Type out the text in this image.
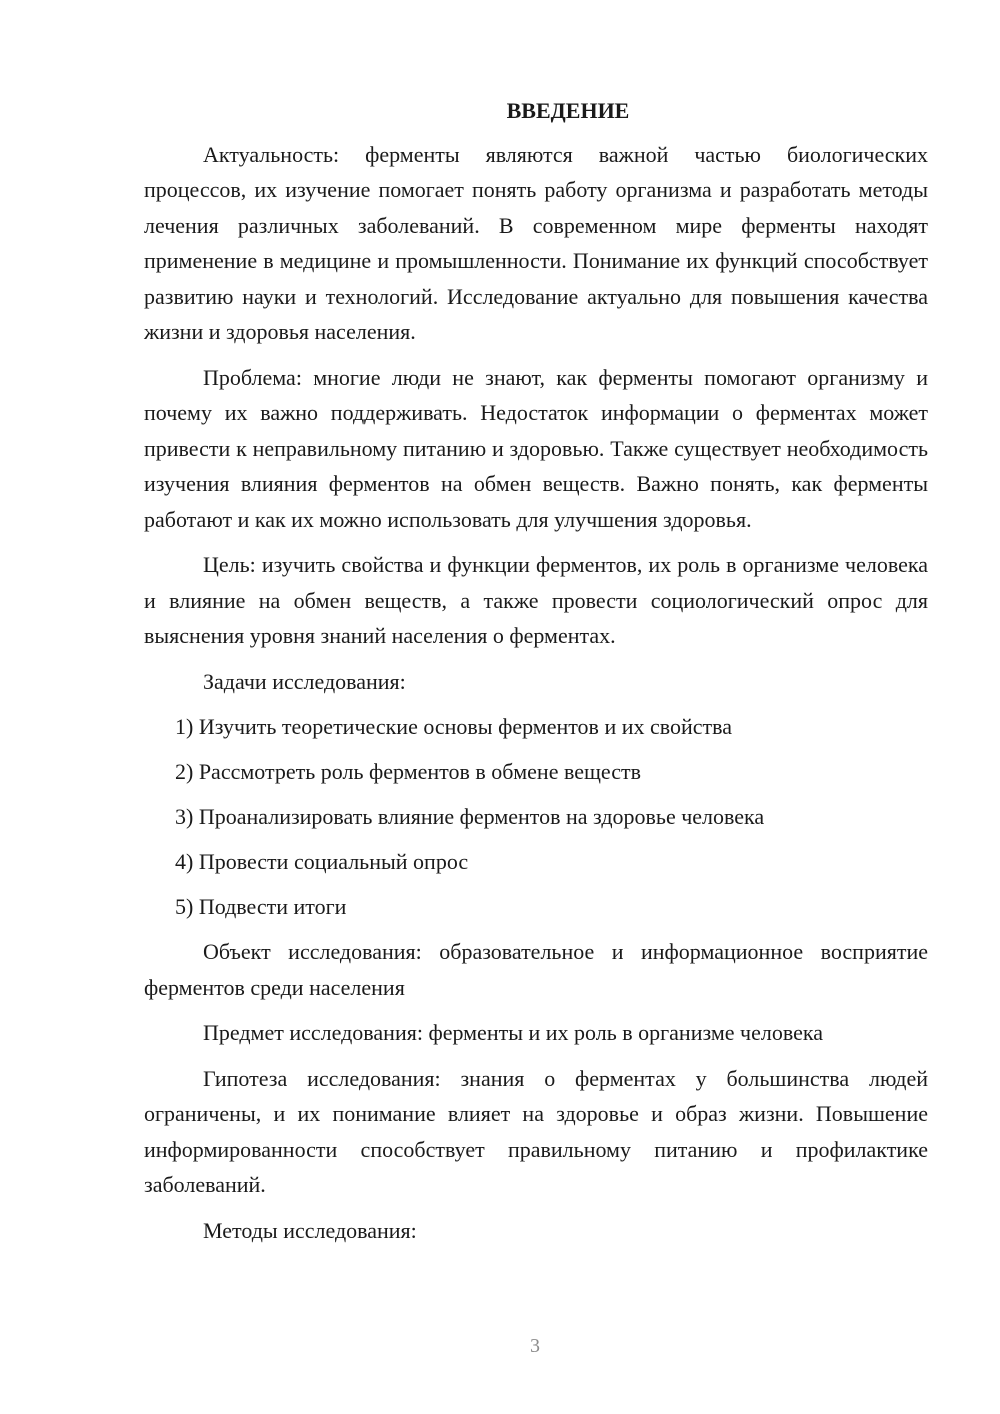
ВВЕДЕНИЕ

Актуальность: ферменты являются важной частью биологических процессов, их изучение помогает понять работу организма и разработать методы лечения различных заболеваний. В современном мире ферменты находят применение в медицине и промышленности. Понимание их функций способствует развитию науки и технологий. Исследование актуально для повышения качества жизни и здоровья населения.

Проблема: многие люди не знают, как ферменты помогают организму и почему их важно поддерживать. Недостаток информации о ферментах может привести к неправильному питанию и здоровью. Также существует необходимость изучения влияния ферментов на обмен веществ. Важно понять, как ферменты работают и как их можно использовать для улучшения здоровья.

Цель: изучить свойства и функции ферментов, их роль в организме человека и влияние на обмен веществ, а также провести социологический опрос для выяснения уровня знаний населения о ферментах.

Задачи исследования:

1) Изучить теоретические основы ферментов и их свойства

2) Рассмотреть роль ферментов в обмене веществ

3) Проанализировать влияние ферментов на здоровье человека

4) Провести социальный опрос

5) Подвести итоги

Объект исследования: образовательное и информационное восприятие ферментов среди населения

Предмет исследования: ферменты и их роль в организме человека

Гипотеза исследования: знания о ферментах у большинства людей ограничены, и их понимание влияет на здоровье и образ жизни. Повышение информированности способствует правильному питанию и профилактике заболеваний.

Методы исследования:

3
